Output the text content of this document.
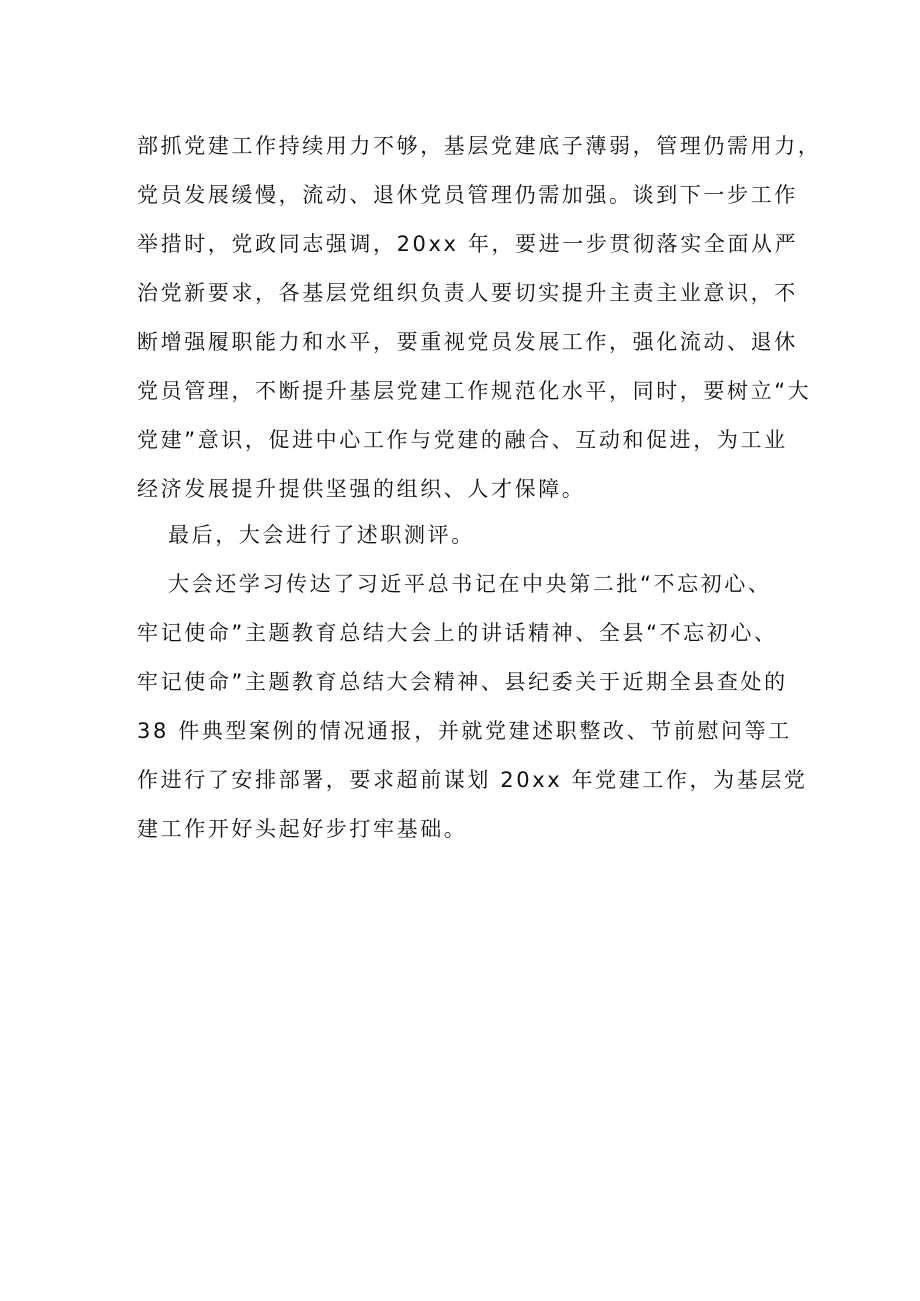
部抓党建工作持续用力不够，基层党建底子薄弱，管理仍需用力，
党员发展缓慢，流动、退休党员管理仍需加强。谈到下一步工作
举措时，党政同志强调，20xx 年，要进一步贯彻落实全面从严
治党新要求，各基层党组织负责人要切实提升主责主业意识，不
断增强履职能力和水平，要重视党员发展工作，强化流动、退休
党员管理，不断提升基层党建工作规范化水平，同时，要树立“大
党建”意识，促进中心工作与党建的融合、互动和促进，为工业
经济发展提升提供坚强的组织、人才保障。
最后，大会进行了述职测评。
大会还学习传达了习近平总书记在中央第二批“不忘初心、
牢记使命”主题教育总结大会上的讲话精神、全县“不忘初心、
牢记使命”主题教育总结大会精神、县纪委关于近期全县查处的
38 件典型案例的情况通报，并就党建述职整改、节前慰问等工
作进行了安排部署，要求超前谋划 20xx 年党建工作，为基层党
建工作开好头起好步打牢基础。
